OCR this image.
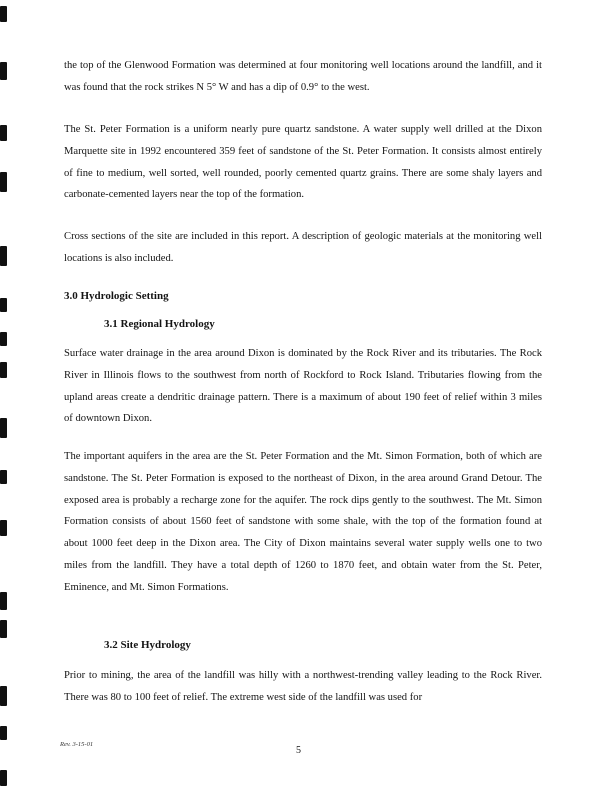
the top of the Glenwood Formation was determined at four monitoring well locations around the landfill, and it was found that the rock strikes N 5° W and has a dip of 0.9° to the west.

The St. Peter Formation is a uniform nearly pure quartz sandstone. A water supply well drilled at the Dixon Marquette site in 1992 encountered 359 feet of sandstone of the St. Peter Formation. It consists almost entirely of fine to medium, well sorted, well rounded, poorly cemented quartz grains. There are some shaly layers and carbonate-cemented layers near the top of the formation.

Cross sections of the site are included in this report. A description of geologic materials at the monitoring well locations is also included.

3.0 Hydrologic Setting
3.1 Regional Hydrology

Surface water drainage in the area around Dixon is dominated by the Rock River and its tributaries. The Rock River in Illinois flows to the southwest from north of Rockford to Rock Island. Tributaries flowing from the upland areas create a dendritic drainage pattern. There is a maximum of about 190 feet of relief within 3 miles of downtown Dixon.

The important aquifers in the area are the St. Peter Formation and the Mt. Simon Formation, both of which are sandstone. The St. Peter Formation is exposed to the northeast of Dixon, in the area around Grand Detour. The exposed area is probably a recharge zone for the aquifer. The rock dips gently to the southwest. The Mt. Simon Formation consists of about 1560 feet of sandstone with some shale, with the top of the formation found at about 1000 feet deep in the Dixon area. The City of Dixon maintains several water supply wells one to two miles from the landfill. They have a total depth of 1260 to 1870 feet, and obtain water from the St. Peter, Eminence, and Mt. Simon Formations.

3.2 Site Hydrology

Prior to mining, the area of the landfill was hilly with a northwest-trending valley leading to the Rock River. There was 80 to 100 feet of relief. The extreme west side of the landfill was used for

Rev. 3-15-01
5
